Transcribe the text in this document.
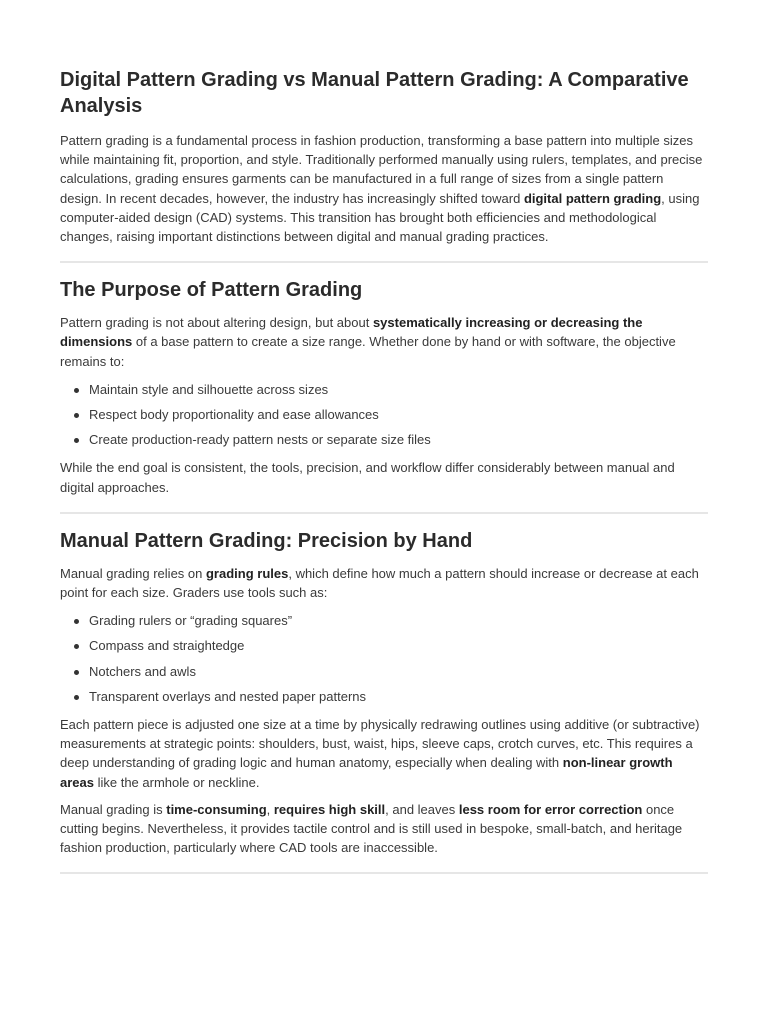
Digital Pattern Grading vs Manual Pattern Grading: A Comparative Analysis

Pattern grading is a fundamental process in fashion production, transforming a base pattern into multiple sizes while maintaining fit, proportion, and style. Traditionally performed manually using rulers, templates, and precise calculations, grading ensures garments can be manufactured in a full range of sizes from a single pattern design. In recent decades, however, the industry has increasingly shifted toward digital pattern grading, using computer-aided design (CAD) systems. This transition has brought both efficiencies and methodological changes, raising important distinctions between digital and manual grading practices.

The Purpose of Pattern Grading

Pattern grading is not about altering design, but about systematically increasing or decreasing the dimensions of a base pattern to create a size range. Whether done by hand or with software, the objective remains to:

Maintain style and silhouette across sizes
Respect body proportionality and ease allowances
Create production-ready pattern nests or separate size files

While the end goal is consistent, the tools, precision, and workflow differ considerably between manual and digital approaches.

Manual Pattern Grading: Precision by Hand

Manual grading relies on grading rules, which define how much a pattern should increase or decrease at each point for each size. Graders use tools such as:

Grading rulers or “grading squares”
Compass and straightedge
Notchers and awls
Transparent overlays and nested paper patterns

Each pattern piece is adjusted one size at a time by physically redrawing outlines using additive (or subtractive) measurements at strategic points: shoulders, bust, waist, hips, sleeve caps, crotch curves, etc. This requires a deep understanding of grading logic and human anatomy, especially when dealing with non-linear growth areas like the armhole or neckline.

Manual grading is time-consuming, requires high skill, and leaves less room for error correction once cutting begins. Nevertheless, it provides tactile control and is still used in bespoke, small-batch, and heritage fashion production, particularly where CAD tools are inaccessible.
